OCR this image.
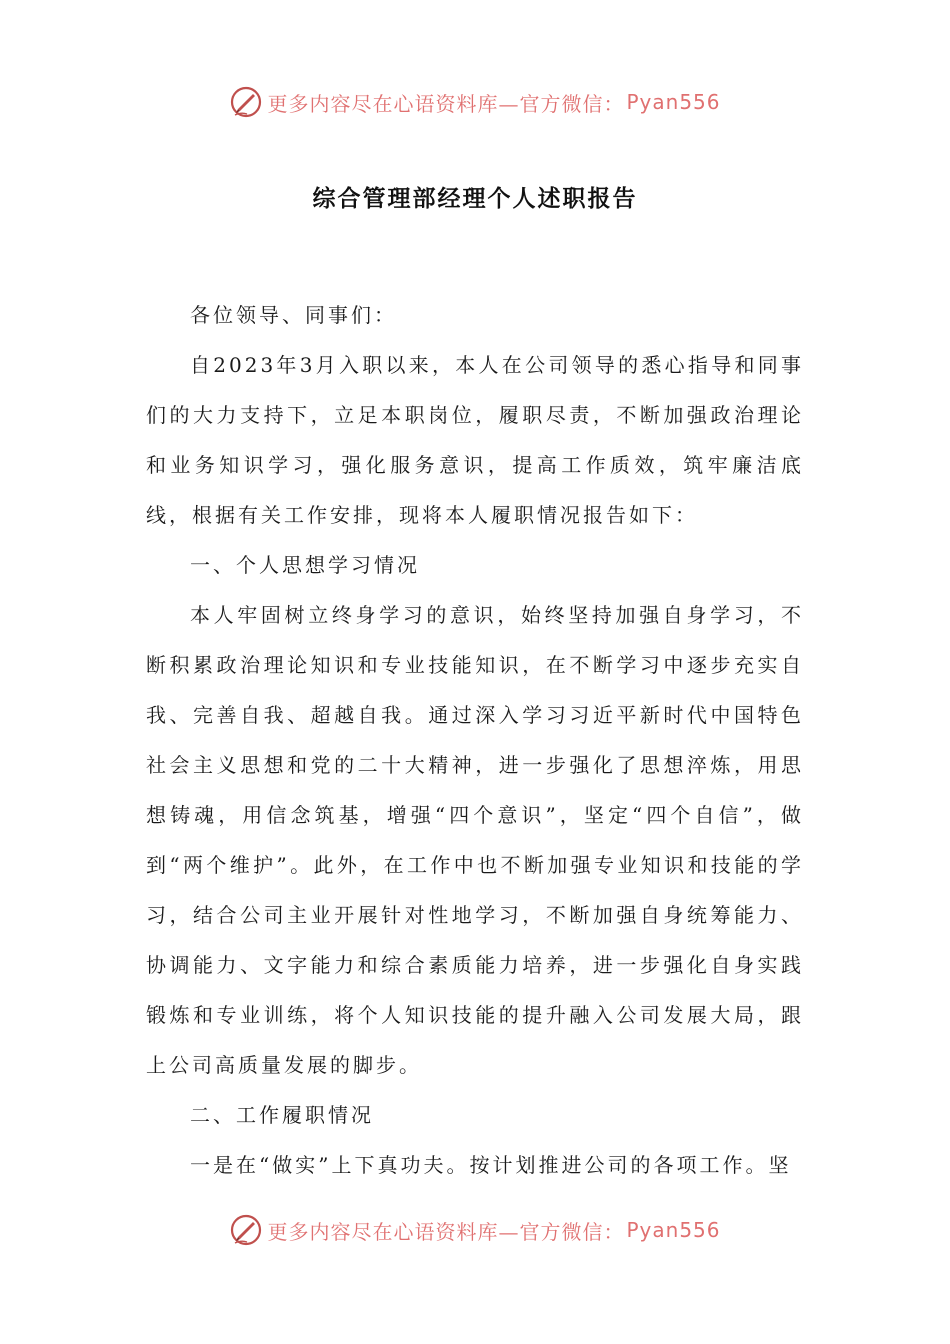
更多内容尽在心语资料库—官方微信： Pyan556
综合管理部经理个人述职报告

各位领导、同事们：

自2023年3月入职以来，本人在公司领导的悉心指导和同事们的大力支持下，立足本职岗位，履职尽责，不断加强政治理论和业务知识学习，强化服务意识，提高工作质效，筑牢廉洁底线，根据有关工作安排，现将本人履职情况报告如下：

一、个人思想学习情况

本人牢固树立终身学习的意识，始终坚持加强自身学习，不断积累政治理论知识和专业技能知识，在不断学习中逐步充实自我、完善自我、超越自我。通过深入学习习近平新时代中国特色社会主义思想和党的二十大精神，进一步强化了思想淬炼，用思想铸魂，用信念筑基，增强“四个意识”，坚定“四个自信”，做到“两个维护”。此外，在工作中也不断加强专业知识和技能的学习，结合公司主业开展针对性地学习，不断加强自身统筹能力、协调能力、文字能力和综合素质能力培养，进一步强化自身实践锻炼和专业训练，将个人知识技能的提升融入公司发展大局，跟上公司高质量发展的脚步。

二、工作履职情况

一是在“做实”上下真功夫。按计划推进公司的各项工作。坚

更多内容尽在心语资料库—官方微信： Pyan556
